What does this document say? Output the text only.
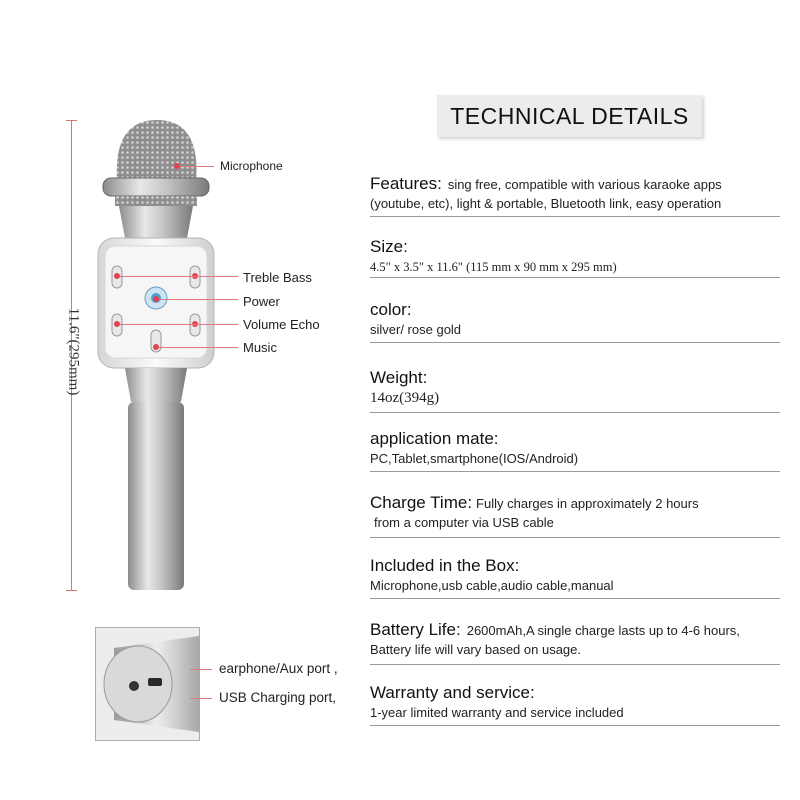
11.6"(295mm)
Microphone
Treble Bass
Power
Volume Echo
Music
earphone/Aux port ,
USB Charging port,
TECHNICAL DETAILS
Features: sing free, compatible with various karaoke apps
(youtube, etc), light & portable, Bluetooth link, easy operation
Size:
4.5" x 3.5" x 11.6" (115 mm x 90 mm x 295 mm)
color:
silver/ rose gold
Weight:
14oz(394g)
application mate:
PC,Tablet,smartphone(IOS/Android)
Charge Time: Fully charges in approximately 2 hours
from a computer via USB cable
Included in the Box:
Microphone,usb cable,audio cable,manual
Battery Life: 2600mAh,A single charge lasts up to 4-6 hours,
Battery life will vary based on usage.
Warranty and service:
1-year limited warranty and service included
